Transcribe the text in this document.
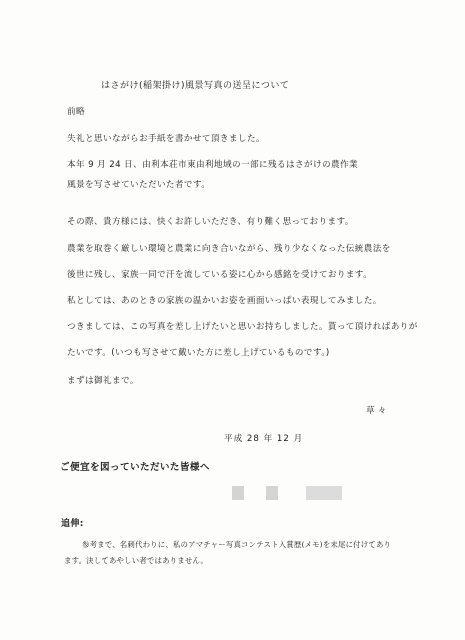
はさがけ(稲架掛け)風景写真の送呈について
前略
失礼と思いながらお手紙を書かせて頂きました。
本年 9 月 24 日、由利本荘市東由利地域の一部に残るはさがけの農作業
風景を写させていただいた者です。
その際、貴方様には、快くお許しいただき、有り難く思っております。
農業を取巻く厳しい環境と農業に向き合いながら、残り少なくなった伝統農法を
後世に残し、家族一同で汗を流している姿に心から感銘を受けております。
私としては、あのときの家族の温かいお姿を画面いっぱい表現してみました。
つきましては、この写真を差し上げたいと思いお持ちしました。貰って頂ければありが
たいです。(いつも写させて戴いた方に差し上げているものです。)
まずは御礼まで。
草々
平成 28 年 12 月
ご便宜を図っていただいた皆様へ
追伸:
参考まで、名刺代わりに、私のアマチャー写真コンテスト入賞歴(メモ)を末尾に付けてあり
ます。決してあやしい者ではありません。
